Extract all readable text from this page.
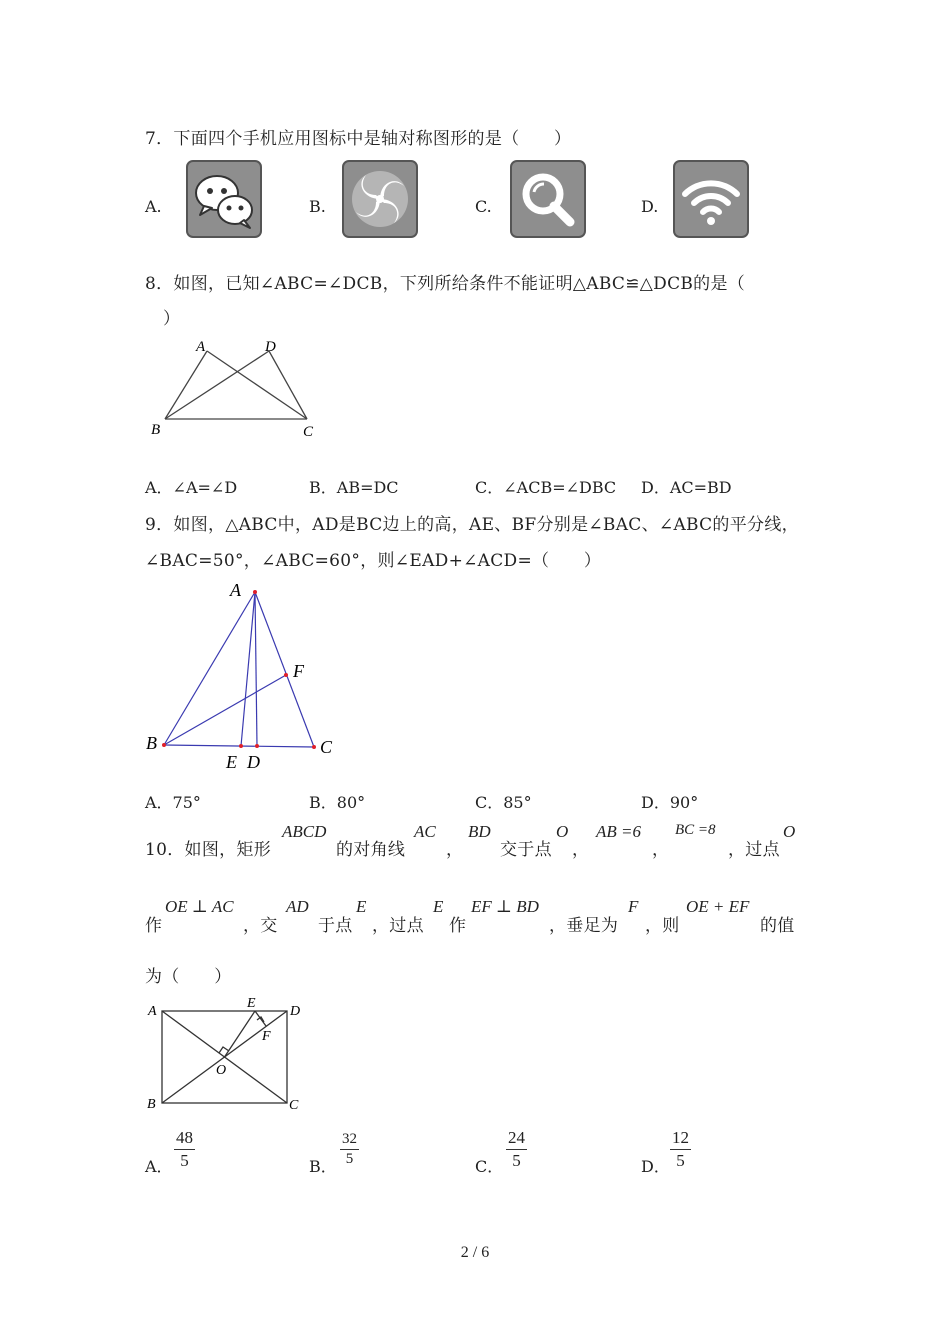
7．下面四个手机应用图标中是轴对称图形的是（　　）
A.	B.	C.	D.
8．如图，已知∠ABC=∠DCB，下列所给条件不能证明△ABC≌△DCB的是（
）
A	D
B	C
A．∠A=∠D	B．AB=DC	C．∠ACB=∠DBC D．AC=BD
9．如图，△ABC中，AD是BC边上的高，AE、BF分别是∠BAC、∠ABC的平分线，
∠BAC=50°，∠ABC=60°，则∠EAD+∠ACD=（　　）
A
B	C
E D
F
A．75°	B．80°	C．85°	D．90°
10．如图，矩形
ABCD
的对角线
AC
，
BD
交于点
O
，
AB =6
，
BC =8
，过点
O
作
OE ⊥ AC
，交
AD
于点
E
，过点
E
作
EF ⊥ BD
，垂足为
F
，则
OE + EF
的值
为（　　）
A	D
B	C
E
F
O
A． $\frac{48}{5}$	B． $\frac{32}{5}$	C． $\frac{24}{5}$	D． $\frac{12}{5}$
2 / 6
